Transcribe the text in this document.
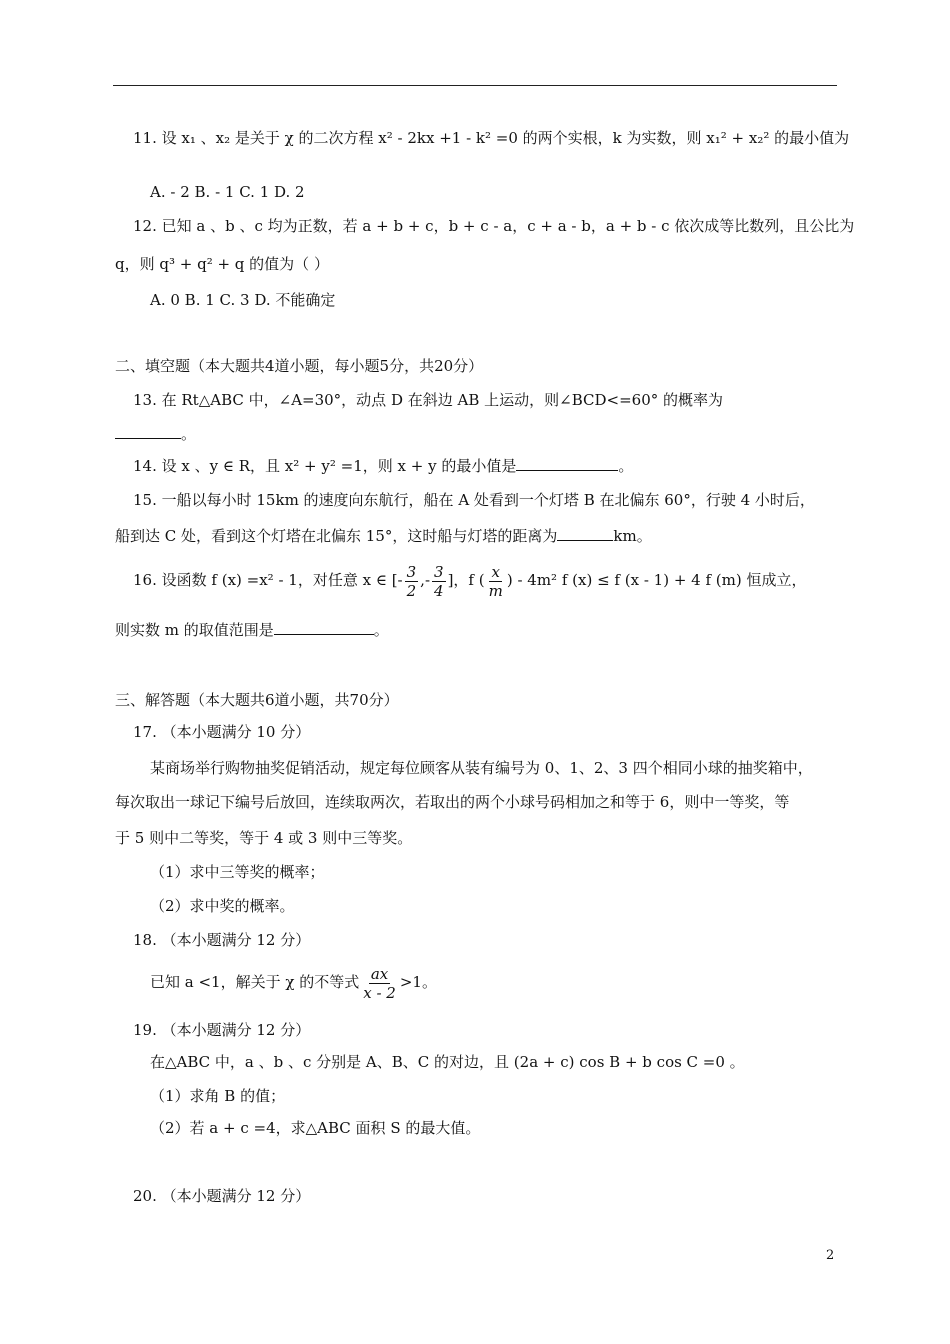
11. 设 x₁ 、x₂ 是关于 χ 的二次方程 x² - 2kx +1 - k² =0 的两个实根，k 为实数，则 x₁² + x₂² 的最小值为
A. - 2 B. - 1 C. 1 D. 2
12. 已知 a 、b 、c 均为正数，若 a + b + c，b + c - a，c + a - b，a + b - c 依次成等比数列，且公比为
q，则 q³ + q² + q 的值为（ ）
A. 0 B. 1 C. 3 D. 不能确定
二、填空题（本大题共4道小题，每小题5分，共20分）
13. 在 Rt△ABC 中，∠A=30°，动点 D 在斜边 AB 上运动，则∠BCD<=60° 的概率为
。
14. 设 x 、y ∈ R，且 x² + y² =1，则 x + y 的最小值是	。
15. 一船以每小时 15km 的速度向东航行，船在 A 处看到一个灯塔 B 在北偏东 60°，行驶 4 小时后，
船到达 C 处，看到这个灯塔在北偏东 15°，这时船与灯塔的距离为	km。
16. 设函数 f (x) =x² - 1，对任意 x ∈ [- $\frac{3}{2}$ ,- $\frac{3}{4}$ ]，f ( $\frac{x}{m}$ ) - 4m² f (x) ≤ f (x - 1) + 4 f (m) 恒成立，
则实数 m 的取值范围是	。
三、解答题（本大题共6道小题，共70分）
17. （本小题满分 10 分）
某商场举行购物抽奖促销活动，规定每位顾客从装有编号为 0、1、2、3 四个相同小球的抽奖箱中，
每次取出一球记下编号后放回，连续取两次，若取出的两个小球号码相加之和等于 6，则中一等奖，等
于 5 则中二等奖，等于 4 或 3 则中三等奖。
（1）求中三等奖的概率；
（2）求中奖的概率。
18. （本小题满分 12 分）
已知 a <1，解关于 χ 的不等式 $\frac{ax}{x - 2} >1$。
19. （本小题满分 12 分）
在△ABC 中，a 、b 、c 分别是 A、B、C 的对边，且 (2a + c) cos B + b cos C =0 。
（1）求角 B 的值；
（2）若 a + c =4，求△ABC 面积 S 的最大值。
20. （本小题满分 12 分）
2
